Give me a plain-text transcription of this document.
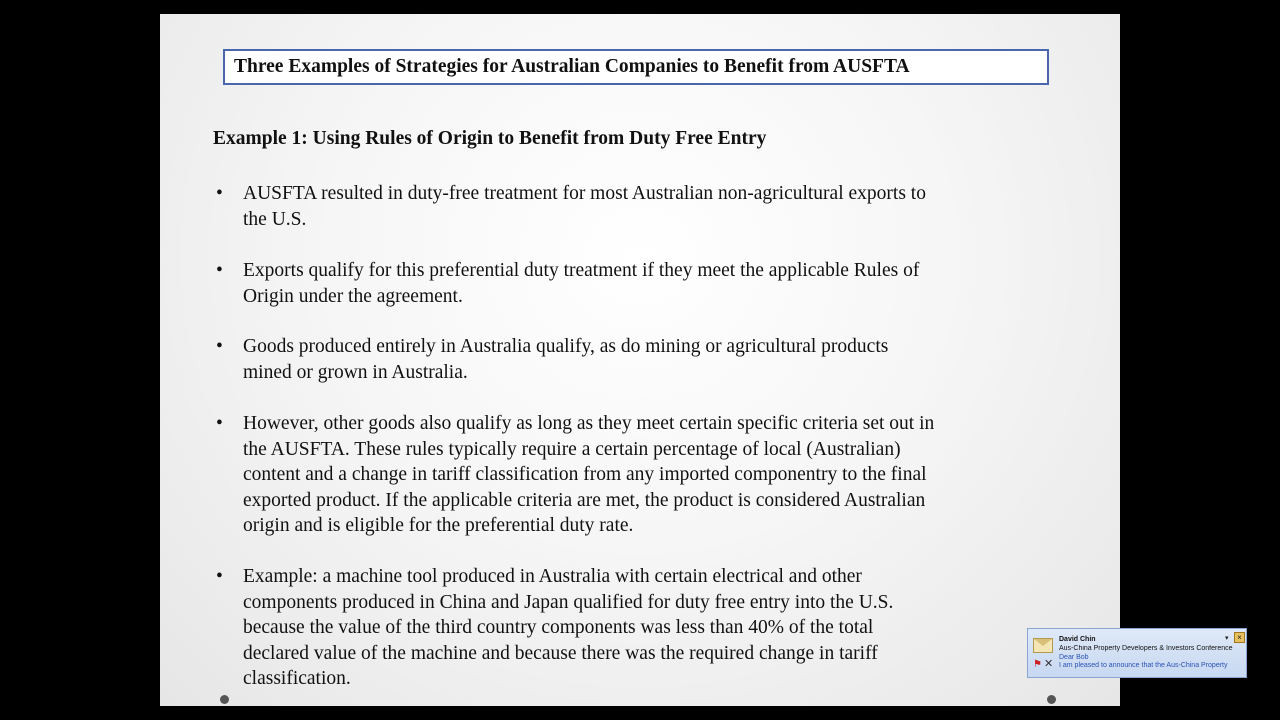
Three Examples of Strategies for Australian Companies to Benefit from AUSFTA
Example 1: Using Rules of Origin to Benefit from Duty Free Entry
• AUSFTA resulted in duty-free treatment for most Australian non-agricultural exports to
the U.S.
• Exports qualify for this preferential duty treatment if they meet the applicable Rules of
Origin under the agreement.
• Goods produced entirely in Australia qualify, as do mining or agricultural products
mined or grown in Australia.
• However, other goods also qualify as long as they meet certain specific criteria set out in
the AUSFTA. These rules typically require a certain percentage of local (Australian)
content and a change in tariff classification from any imported componentry to the final
exported product. If the applicable criteria are met, the product is considered Australian
origin and is eligible for the preferential duty rate.
• Example: a machine tool produced in Australia with certain electrical and other
components produced in China and Japan qualified for duty free entry into the U.S.
because the value of the third country components was less than 40% of the total
declared value of the machine and because there was the required change in tariff
classification.
⚑ ✕
David Chin
Aus-China Property Developers & Investors Conference
Dear Bob
I am pleased to announce that the Aus-China Property
▾	×
